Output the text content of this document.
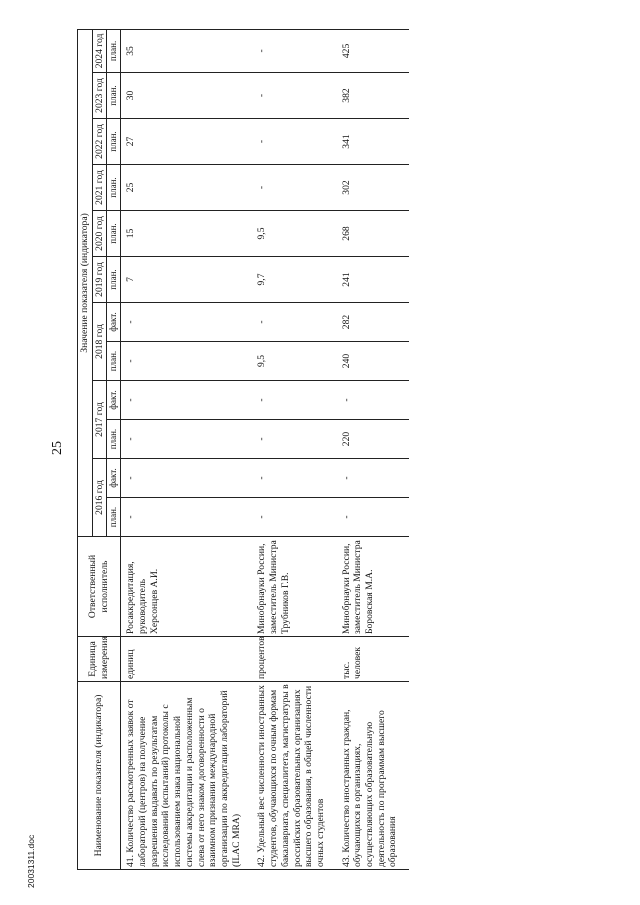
25
20031311.doc
Наименование показателя (индикатора)	Единица измерения	Ответственный исполнитель	Значение показателя (индикатора)											
			2016 год		2017 год		2018 год		2019 год	2020 год	2021 год	2022 год	2023 год	2024 год
			план.	факт.	план.	факт.	план.	факт.	план.	план.	план.	план.	план.	план.
41. Количество рассмотренных заявок от лабораторий (центров) на получение разрешения выдавать по результатам исследований (испытаний) протоколы с использованием знака национальной системы аккредитации и расположенным слева от него знаком договоренности о взаимном признании международной организации по аккредитации лабораторий (ILAC MRA)	единиц	Росаккредитация, руководитель Херсонцев А.И.	-	-	-	-	-	-	7	15	25	27	30	35
42. Удельный вес численности иностранных студентов, обучающихся по очным формам бакалавриата, специалитета, магистратуры в российских образовательных организациях высшего образования, в общей численности очных студентов	процентов	Минобрнауки России, заместитель Министра Трубников Г.В.	-	-	-	-	9,5	-	9,7	9,5	-	-	-	-
43. Количество иностранных граждан, обучающихся в организациях, осуществляющих образовательную деятельность по программам высшего образования	тыс. человек	Минобрнауки России, заместитель Министра Боровская М.А.	-	-	220	-	240	282	241	268	302	341	382	425
